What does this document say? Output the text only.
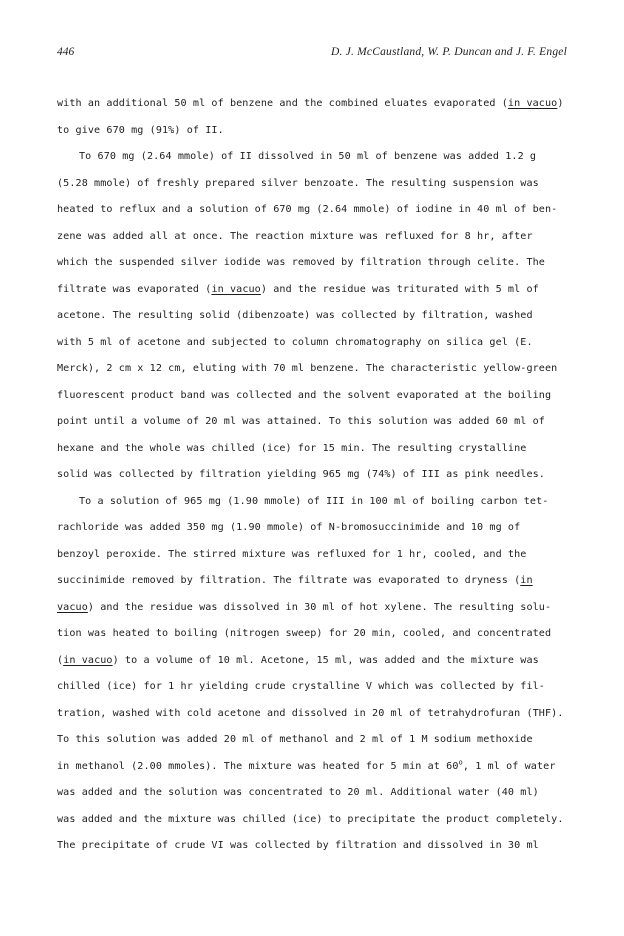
446	D. J. McCaustland, W. P. Duncan and J. F. Engel
with an additional 50 ml of benzene and the combined eluates evaporated (in vacuo)
to give 670 mg (91%) of II.
To 670 mg (2.64 mmole) of II dissolved in 50 ml of benzene was added 1.2 g
(5.28 mmole) of freshly prepared silver benzoate. The resulting suspension was
heated to reflux and a solution of 670 mg (2.64 mmole) of iodine in 40 ml of ben-
zene was added all at once. The reaction mixture was refluxed for 8 hr, after
which the suspended silver iodide was removed by filtration through celite. The
filtrate was evaporated (in vacuo) and the residue was triturated with 5 ml of
acetone. The resulting solid (dibenzoate) was collected by filtration, washed
with 5 ml of acetone and subjected to column chromatography on silica gel (E.
Merck), 2 cm x 12 cm, eluting with 70 ml benzene. The characteristic yellow-green
fluorescent product band was collected and the solvent evaporated at the boiling
point until a volume of 20 ml was attained. To this solution was added 60 ml of
hexane and the whole was chilled (ice) for 15 min. The resulting crystalline
solid was collected by filtration yielding 965 mg (74%) of III as pink needles.
To a solution of 965 mg (1.90 mmole) of III in 100 ml of boiling carbon tet-
rachloride was added 350 mg (1.90 mmole) of N-bromosuccinimide and 10 mg of
benzoyl peroxide. The stirred mixture was refluxed for 1 hr, cooled, and the
succinimide removed by filtration. The filtrate was evaporated to dryness (in
vacuo) and the residue was dissolved in 30 ml of hot xylene. The resulting solu-
tion was heated to boiling (nitrogen sweep) for 20 min, cooled, and concentrated
(in vacuo) to a volume of 10 ml. Acetone, 15 ml, was added and the mixture was
chilled (ice) for 1 hr yielding crude crystalline V which was collected by fil-
tration, washed with cold acetone and dissolved in 20 ml of tetrahydrofuran (THF).
To this solution was added 20 ml of methanol and 2 ml of 1 M sodium methoxide
in methanol (2.00 mmoles). The mixture was heated for 5 min at 60$^o$, 1 ml of water
was added and the solution was concentrated to 20 ml. Additional water (40 ml)
was added and the mixture was chilled (ice) to precipitate the product completely.
The precipitate of crude VI was collected by filtration and dissolved in 30 ml
